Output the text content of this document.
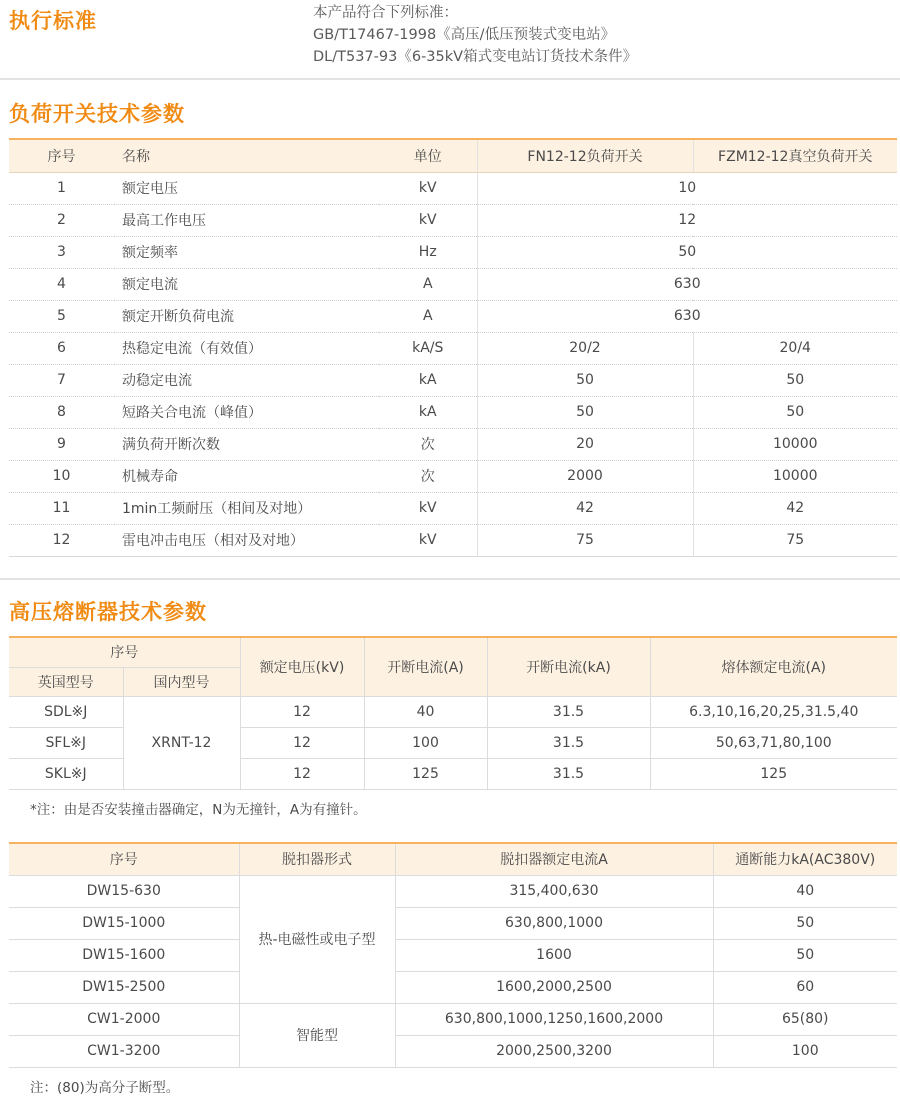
执行标准	本产品符合下列标准：
GB/T17467-1998《高压/低压预装式变电站》
DL/T537-93《6-35kV箱式变电站订货技术条件》
负荷开关技术参数
序号	名称	单位	FN12-12负荷开关	FZM12-12真空负荷开关
1	额定电压	kV	10	
2	最高工作电压	kV	12	
3	额定频率	Hz	50	
4	额定电流	A	630	
5	额定开断负荷电流	A	630	
6	热稳定电流（有效值）	kA/S	20/2	20/4
7	动稳定电流	kA	50	50
8	短路关合电流（峰值）	kA	50	50
9	满负荷开断次数	次	20	10000
10	机械寿命	次	2000	10000
11	1min工频耐压（相间及对地）	kV	42	42
12	雷电冲击电压（相对及对地）	kV	75	75
高压熔断器技术参数
序号		额定电压(kV)	开断电流(A)	开断电流(kA)	熔体额定电流(A)
英国型号	国内型号				
SDL※J	XRNT-12	12	40	31.5	6.3,10,16,20,25,31.5,40
SFL※J		12	100	31.5	50,63,71,80,100
SKL※J		12	125	31.5	125
*注：由是否安装撞击器确定，N为无撞针，A为有撞针。
序号	脱扣器形式	脱扣器额定电流A	通断能力kA(AC380V)
DW15-630	热-电磁性或电子型	315,400,630	40
DW15-1000		630,800,1000	50
DW15-1600		1600	50
DW15-2500		1600,2000,2500	60
CW1-2000	智能型	630,800,1000,1250,1600,2000	65(80)
CW1-3200		2000,2500,3200	100
注：(80)为高分子断型。
